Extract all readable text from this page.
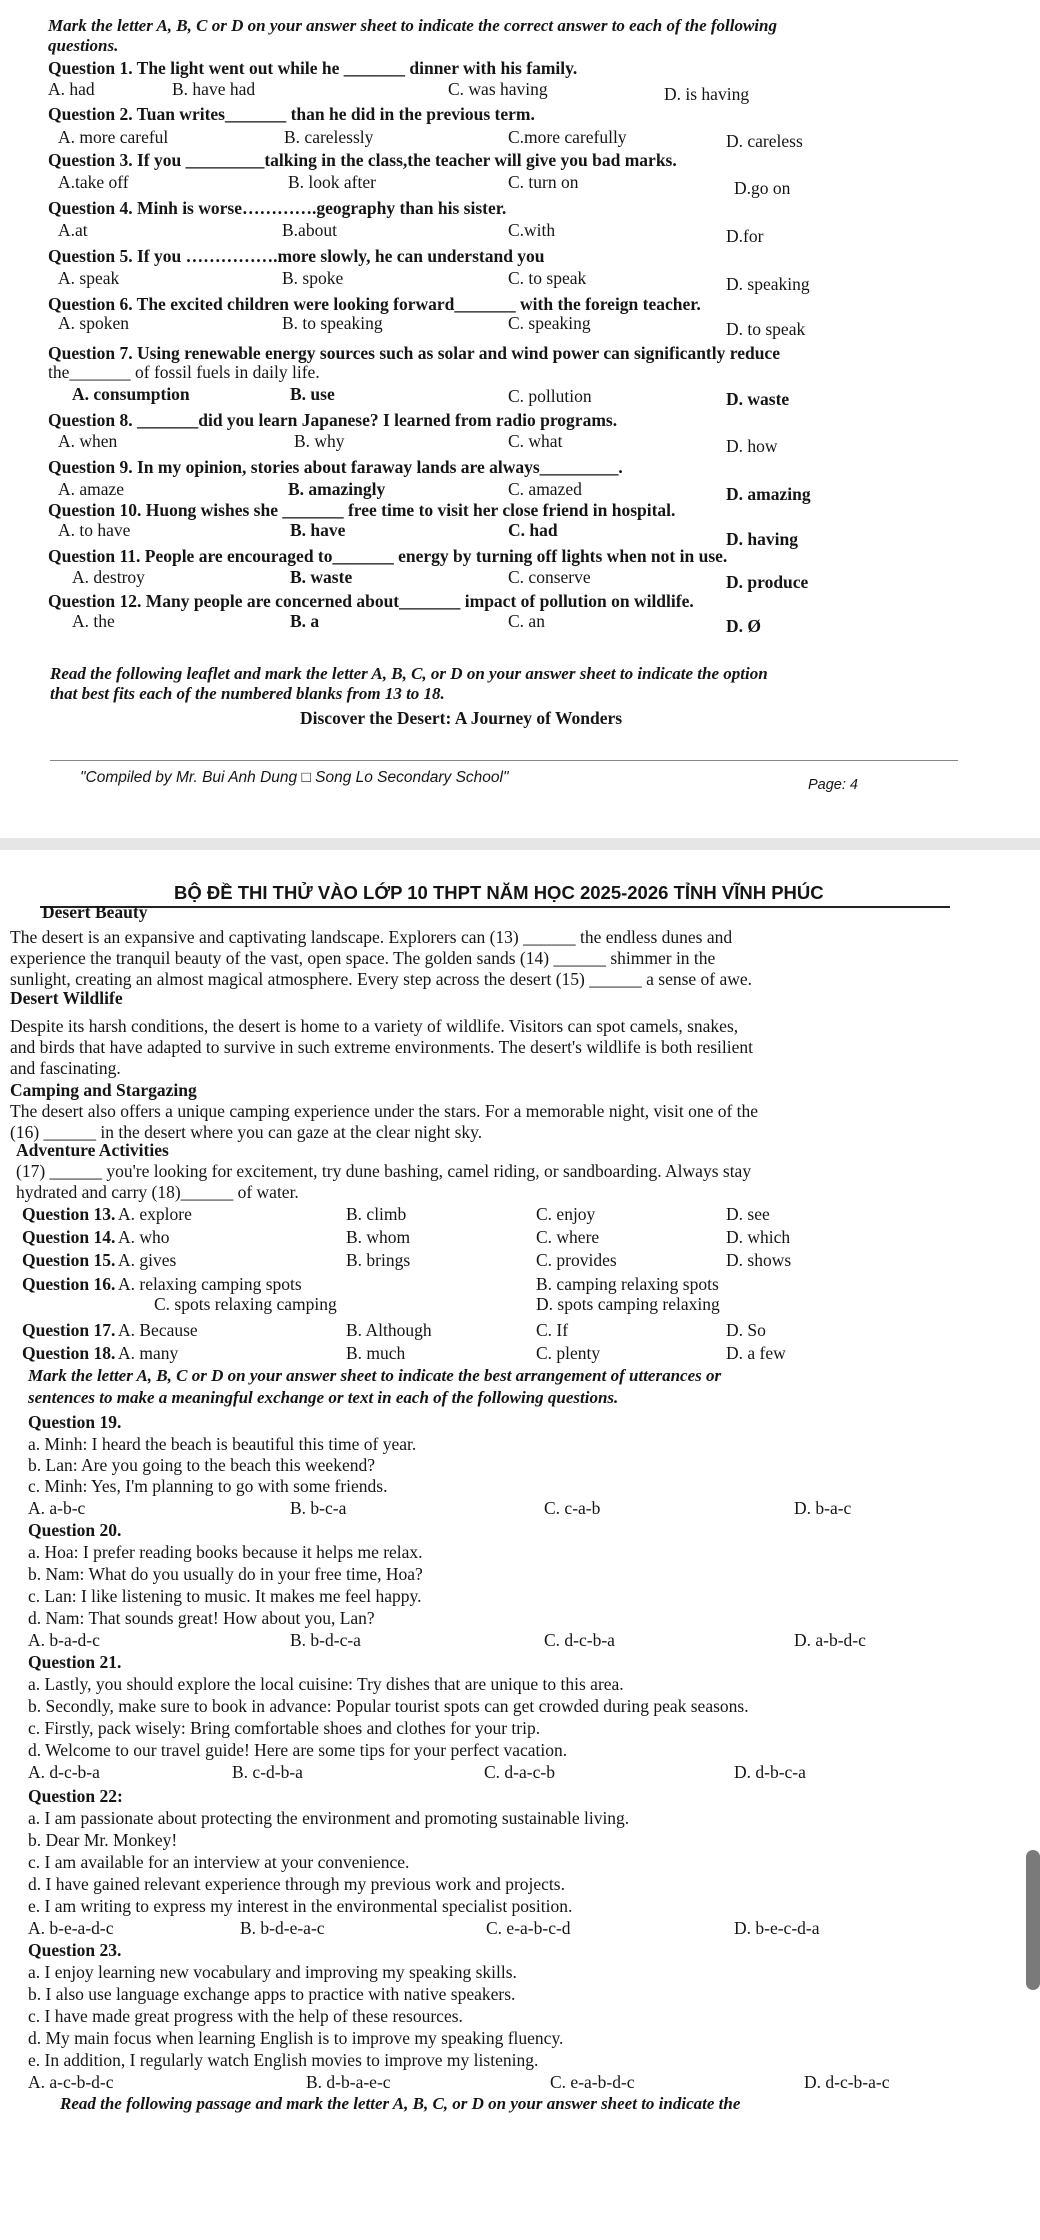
Mark the letter A, B, C or D on your answer sheet to indicate the correct answer to each of the following
questions.
Question 1. The light went out while he _______ dinner with his family.
A. had	B. have had	C. was having	D. is having
Question 2. Tuan writes_______ than he did in the previous term.
A. more careful	B. carelessly	C.more carefully	D. careless
Question 3. If you _________talking in the class,the teacher will give you bad marks.
A.take off	B. look after	C. turn on	D.go on
Question 4. Minh is worse………….geography than his sister.
A.at	B.about	C.with	D.for
Question 5. If you …………….more slowly, he can understand you
A. speak	B. spoke	C. to speak	D. speaking
Question 6. The excited children were looking forward_______ with the foreign teacher.
A. spoken	B. to speaking	C. speaking	D. to speak
Question 7. Using renewable energy sources such as solar and wind power can significantly reduce
the_______ of fossil fuels in daily life.
A. consumption	B. use	C. pollution	D. waste
Question 8. _______did you learn Japanese? I learned from radio programs.
A. when	B. why	C. what	D. how
Question 9. In my opinion, stories about faraway lands are always_________.
A. amaze	B. amazingly	C. amazed	D. amazing
Question 10. Huong wishes she _______ free time to visit her close friend in hospital.
A. to have	B. have	C. had	D. having
Question 11. People are encouraged to_______ energy by turning off lights when not in use.
A. destroy	B. waste	C. conserve	D. produce
Question 12. Many people are concerned about_______ impact of pollution on wildlife.
A. the	B. a	C. an	D. Ø
Read the following leaflet and mark the letter A, B, C, or D on your answer sheet to indicate the option
that best fits each of the numbered blanks from 13 to 18.
Discover the Desert: A Journey of Wonders
"Compiled by Mr. Bui Anh Dung □ Song Lo Secondary School"	Page: 4
BỘ ĐỀ THI THỬ VÀO LỚP 10 THPT NĂM HỌC 2025-2026 TỈNH VĨNH PHÚC
Desert Beauty
The desert is an expansive and captivating landscape. Explorers can (13) ______ the endless dunes and
experience the tranquil beauty of the vast, open space. The golden sands (14) ______ shimmer in the
sunlight, creating an almost magical atmosphere. Every step across the desert (15) ______ a sense of awe.
Desert Wildlife
Despite its harsh conditions, the desert is home to a variety of wildlife. Visitors can spot camels, snakes,
and birds that have adapted to survive in such extreme environments. The desert's wildlife is both resilient
and fascinating.
Camping and Stargazing
The desert also offers a unique camping experience under the stars. For a memorable night, visit one of the
(16) ______ in the desert where you can gaze at the clear night sky.
Adventure Activities
(17) ______ you're looking for excitement, try dune bashing, camel riding, or sandboarding. Always stay
hydrated and carry (18)______ of water.
Question 13. A. explore	B. climb	C. enjoy	D. see
Question 14. A. who	B. whom	C. where	D. which
Question 15. A. gives	B. brings	C. provides	D. shows
Question 16. A. relaxing camping spots	B. camping relaxing spots
C. spots relaxing camping	D. spots camping relaxing
Question 17. A. Because	B. Although	C. If	D. So
Question 18. A. many	B. much	C. plenty	D. a few
Mark the letter A, B, C or D on your answer sheet to indicate the best arrangement of utterances or
sentences to make a meaningful exchange or text in each of the following questions.
Question 19.
a. Minh: I heard the beach is beautiful this time of year.
b. Lan: Are you going to the beach this weekend?
c. Minh: Yes, I'm planning to go with some friends.
A. a-b-c	B. b-c-a	C. c-a-b	D. b-a-c
Question 20.
a. Hoa: I prefer reading books because it helps me relax.
b. Nam: What do you usually do in your free time, Hoa?
c. Lan: I like listening to music. It makes me feel happy.
d. Nam: That sounds great! How about you, Lan?
A. b-a-d-c	B. b-d-c-a	C. d-c-b-a	D. a-b-d-c
Question 21.
a. Lastly, you should explore the local cuisine: Try dishes that are unique to this area.
b. Secondly, make sure to book in advance: Popular tourist spots can get crowded during peak seasons.
c. Firstly, pack wisely: Bring comfortable shoes and clothes for your trip.
d. Welcome to our travel guide! Here are some tips for your perfect vacation.
A. d-c-b-a	B. c-d-b-a	C. d-a-c-b	D. d-b-c-a
Question 22:
a. I am passionate about protecting the environment and promoting sustainable living.
b. Dear Mr. Monkey!
c. I am available for an interview at your convenience.
d. I have gained relevant experience through my previous work and projects.
e. I am writing to express my interest in the environmental specialist position.
A. b-e-a-d-c	B. b-d-e-a-c	C. e-a-b-c-d	D. b-e-c-d-a
Question 23.
a. I enjoy learning new vocabulary and improving my speaking skills.
b. I also use language exchange apps to practice with native speakers.
c. I have made great progress with the help of these resources.
d. My main focus when learning English is to improve my speaking fluency.
e. In addition, I regularly watch English movies to improve my listening.
A. a-c-b-d-c	B. d-b-a-e-c	C. e-a-b-d-c	D. d-c-b-a-c
Read the following passage and mark the letter A, B, C, or D on your answer sheet to indicate the
